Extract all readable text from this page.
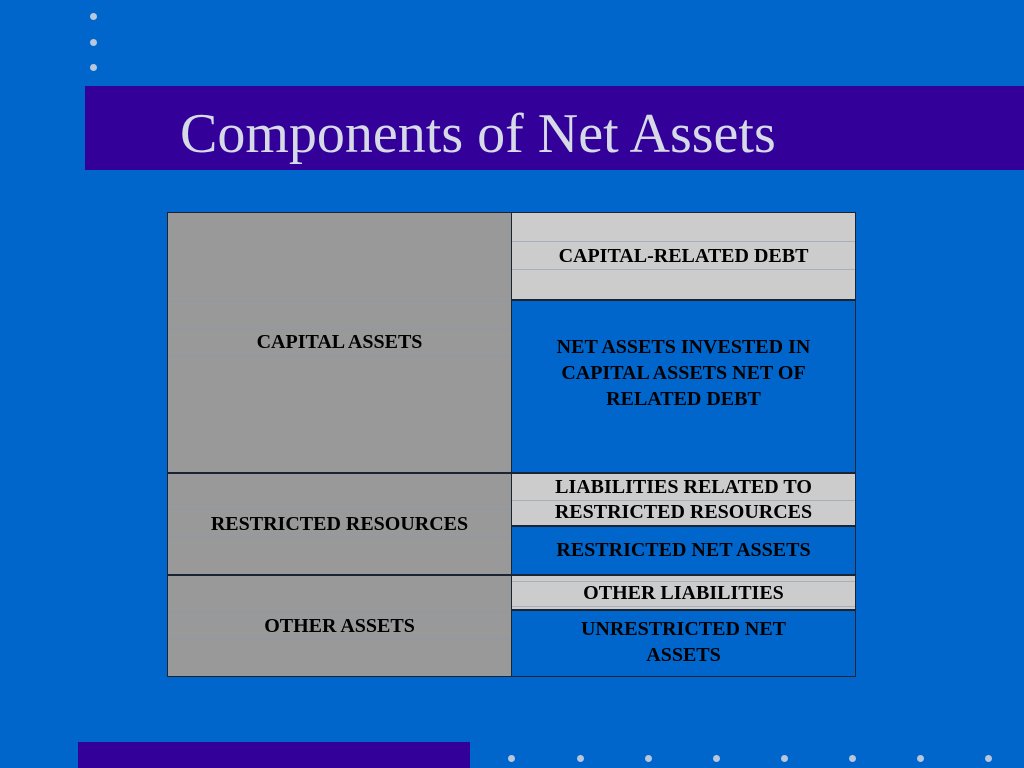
Components of Net Assets
CAPITAL ASSETS
RESTRICTED RESOURCES
OTHER ASSETS
CAPITAL-RELATED DEBT
NET ASSETS INVESTED IN
CAPITAL ASSETS NET OF
RELATED DEBT
LIABILITIES RELATED TO
RESTRICTED RESOURCES
RESTRICTED NET ASSETS
OTHER LIABILITIES
UNRESTRICTED NET
ASSETS
